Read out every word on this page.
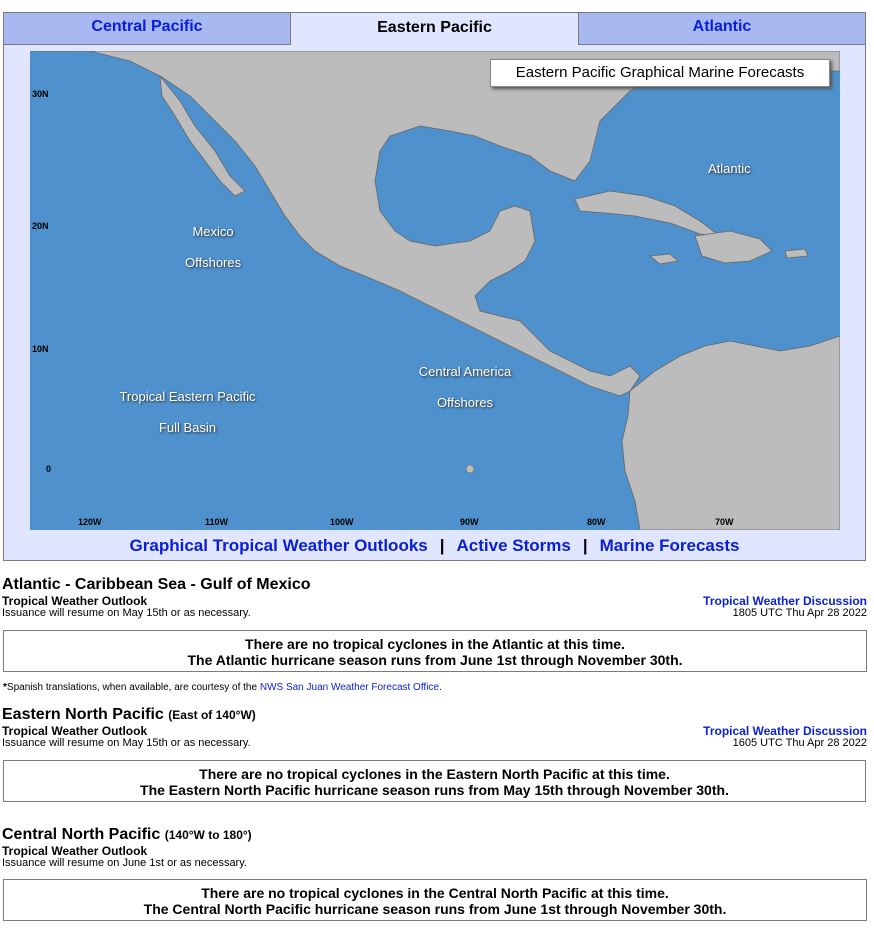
Central Pacific	Eastern Pacific	Atlantic
Eastern Pacific Graphical Marine Forecasts
Atlantic
Mexico
Offshores
Central America
Offshores
Tropical Eastern Pacific
Full Basin
30N
20N
10N
0
120W	110W	100W	90W	80W	70W
Graphical Tropical Weather Outlooks | Active Storms | Marine Forecasts
Atlantic - Caribbean Sea - Gulf of Mexico
Tropical Weather Outlook
Issuance will resume on May 15th or as necessary.
Tropical Weather Discussion
1805 UTC Thu Apr 28 2022
There are no tropical cyclones in the Atlantic at this time.
The Atlantic hurricane season runs from June 1st through November 30th.
*Spanish translations, when available, are courtesy of the NWS San Juan Weather Forecast Office.
Eastern North Pacific (East of 140°W)
Tropical Weather Outlook
Issuance will resume on May 15th or as necessary.
Tropical Weather Discussion
1605 UTC Thu Apr 28 2022
There are no tropical cyclones in the Eastern North Pacific at this time.
The Eastern North Pacific hurricane season runs from May 15th through November 30th.
Central North Pacific (140°W to 180°)
Tropical Weather Outlook
Issuance will resume on June 1st or as necessary.
There are no tropical cyclones in the Central North Pacific at this time.
The Central North Pacific hurricane season runs from June 1st through November 30th.
